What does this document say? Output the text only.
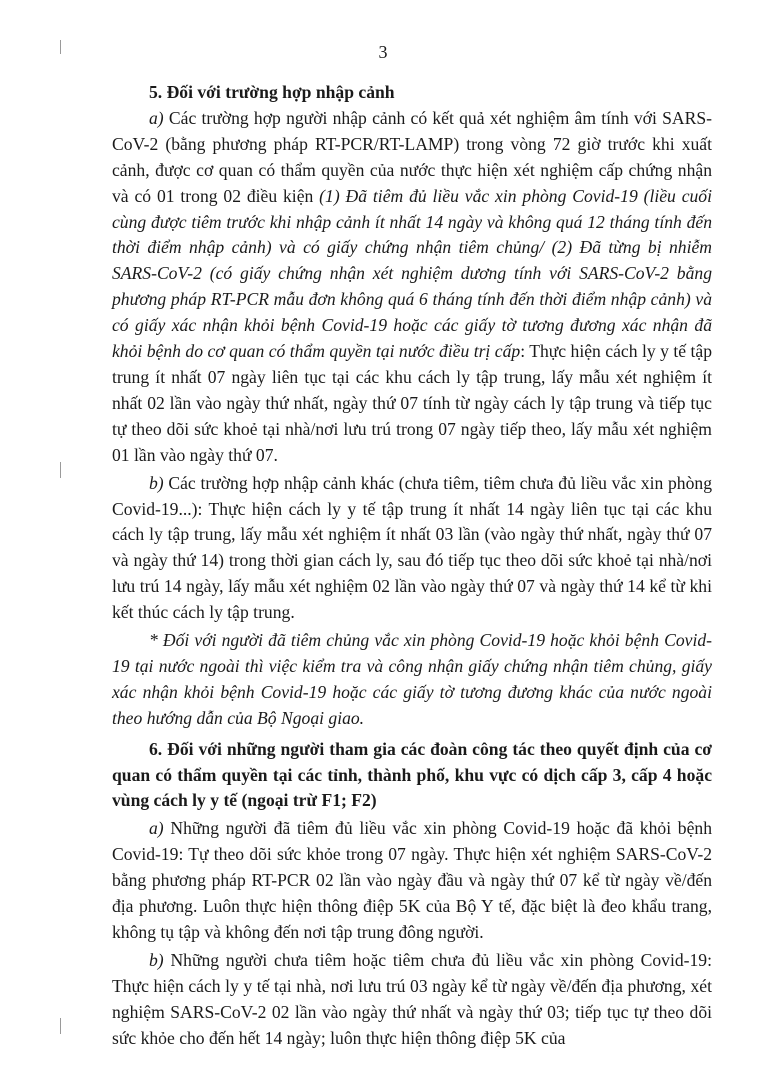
3

5. Đối với trường hợp nhập cảnh

a) Các trường hợp người nhập cảnh có kết quả xét nghiệm âm tính với SARS-CoV-2 (bằng phương pháp RT-PCR/RT-LAMP) trong vòng 72 giờ trước khi xuất cảnh, được cơ quan có thẩm quyền của nước thực hiện xét nghiệm cấp chứng nhận và có 01 trong 02 điều kiện (1) Đã tiêm đủ liều vắc xin phòng Covid-19 (liều cuối cùng được tiêm trước khi nhập cảnh ít nhất 14 ngày và không quá 12 tháng tính đến thời điểm nhập cảnh) và có giấy chứng nhận tiêm chủng/ (2) Đã từng bị nhiễm SARS-CoV-2 (có giấy chứng nhận xét nghiệm dương tính với SARS-CoV-2 bằng phương pháp RT-PCR mẫu đơn không quá 6 tháng tính đến thời điểm nhập cảnh) và có giấy xác nhận khỏi bệnh Covid-19 hoặc các giấy tờ tương đương xác nhận đã khỏi bệnh do cơ quan có thẩm quyền tại nước điều trị cấp: Thực hiện cách ly y tế tập trung ít nhất 07 ngày liên tục tại các khu cách ly tập trung, lấy mẫu xét nghiệm ít nhất 02 lần vào ngày thứ nhất, ngày thứ 07 tính từ ngày cách ly tập trung và tiếp tục tự theo dõi sức khoẻ tại nhà/nơi lưu trú trong 07 ngày tiếp theo, lấy mẫu xét nghiệm 01 lần vào ngày thứ 07.

b) Các trường hợp nhập cảnh khác (chưa tiêm, tiêm chưa đủ liều vắc xin phòng Covid-19...): Thực hiện cách ly y tế tập trung ít nhất 14 ngày liên tục tại các khu cách ly tập trung, lấy mẫu xét nghiệm ít nhất 03 lần (vào ngày thứ nhất, ngày thứ 07 và ngày thứ 14) trong thời gian cách ly, sau đó tiếp tục theo dõi sức khoẻ tại nhà/nơi lưu trú 14 ngày, lấy mẫu xét nghiệm 02 lần vào ngày thứ 07 và ngày thứ 14 kể từ khi kết thúc cách ly tập trung.

* Đối với người đã tiêm chủng vắc xin phòng Covid-19 hoặc khỏi bệnh Covid-19 tại nước ngoài thì việc kiểm tra và công nhận giấy chứng nhận tiêm chủng, giấy xác nhận khỏi bệnh Covid-19 hoặc các giấy tờ tương đương khác của nước ngoài theo hướng dẫn của Bộ Ngoại giao.

6. Đối với những người tham gia các đoàn công tác theo quyết định của cơ quan có thẩm quyền tại các tỉnh, thành phố, khu vực có dịch cấp 3, cấp 4 hoặc vùng cách ly y tế (ngoại trừ F1; F2)

a) Những người đã tiêm đủ liều vắc xin phòng Covid-19 hoặc đã khỏi bệnh Covid-19: Tự theo dõi sức khỏe trong 07 ngày. Thực hiện xét nghiệm SARS-CoV-2 bằng phương pháp RT-PCR 02 lần vào ngày đầu và ngày thứ 07 kể từ ngày về/đến địa phương. Luôn thực hiện thông điệp 5K của Bộ Y tế, đặc biệt là đeo khẩu trang, không tụ tập và không đến nơi tập trung đông người.

b) Những người chưa tiêm hoặc tiêm chưa đủ liều vắc xin phòng Covid-19: Thực hiện cách ly y tế tại nhà, nơi lưu trú 03 ngày kể từ ngày về/đến địa phương, xét nghiệm SARS-CoV-2 02 lần vào ngày thứ nhất và ngày thứ 03; tiếp tục tự theo dõi sức khỏe cho đến hết 14 ngày; luôn thực hiện thông điệp 5K của
